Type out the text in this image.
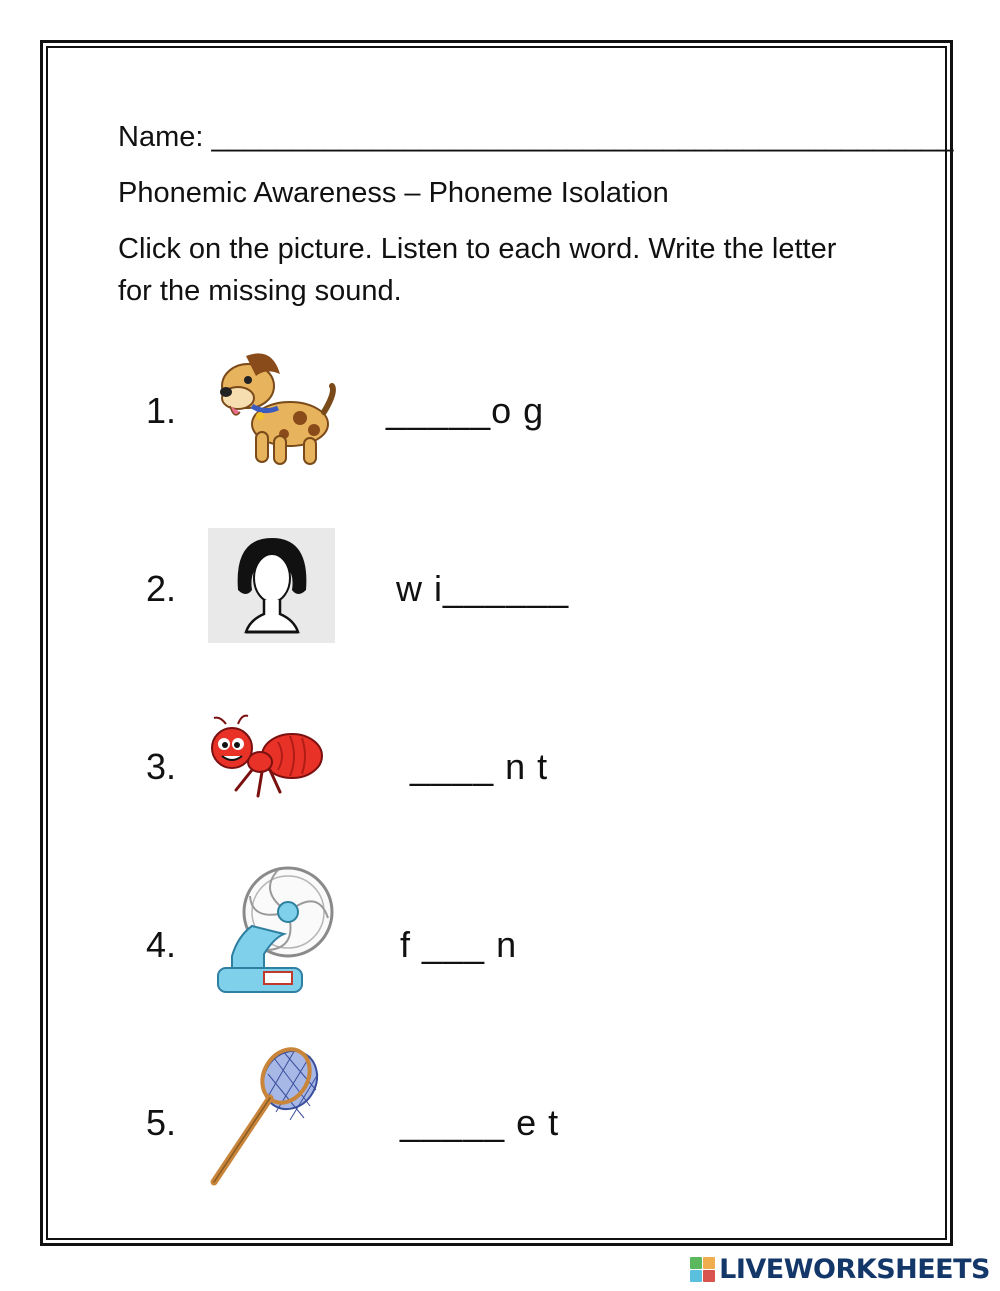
Name: ______________________________________________
Phonemic Awareness – Phoneme Isolation
Click on the picture. Listen to each word. Write the letter for the missing sound.
1.	_____o g
2.	w i______
3.	____ n t
4.	f ___ n
5.	_____ e t
LIVEWORKSHEETS
